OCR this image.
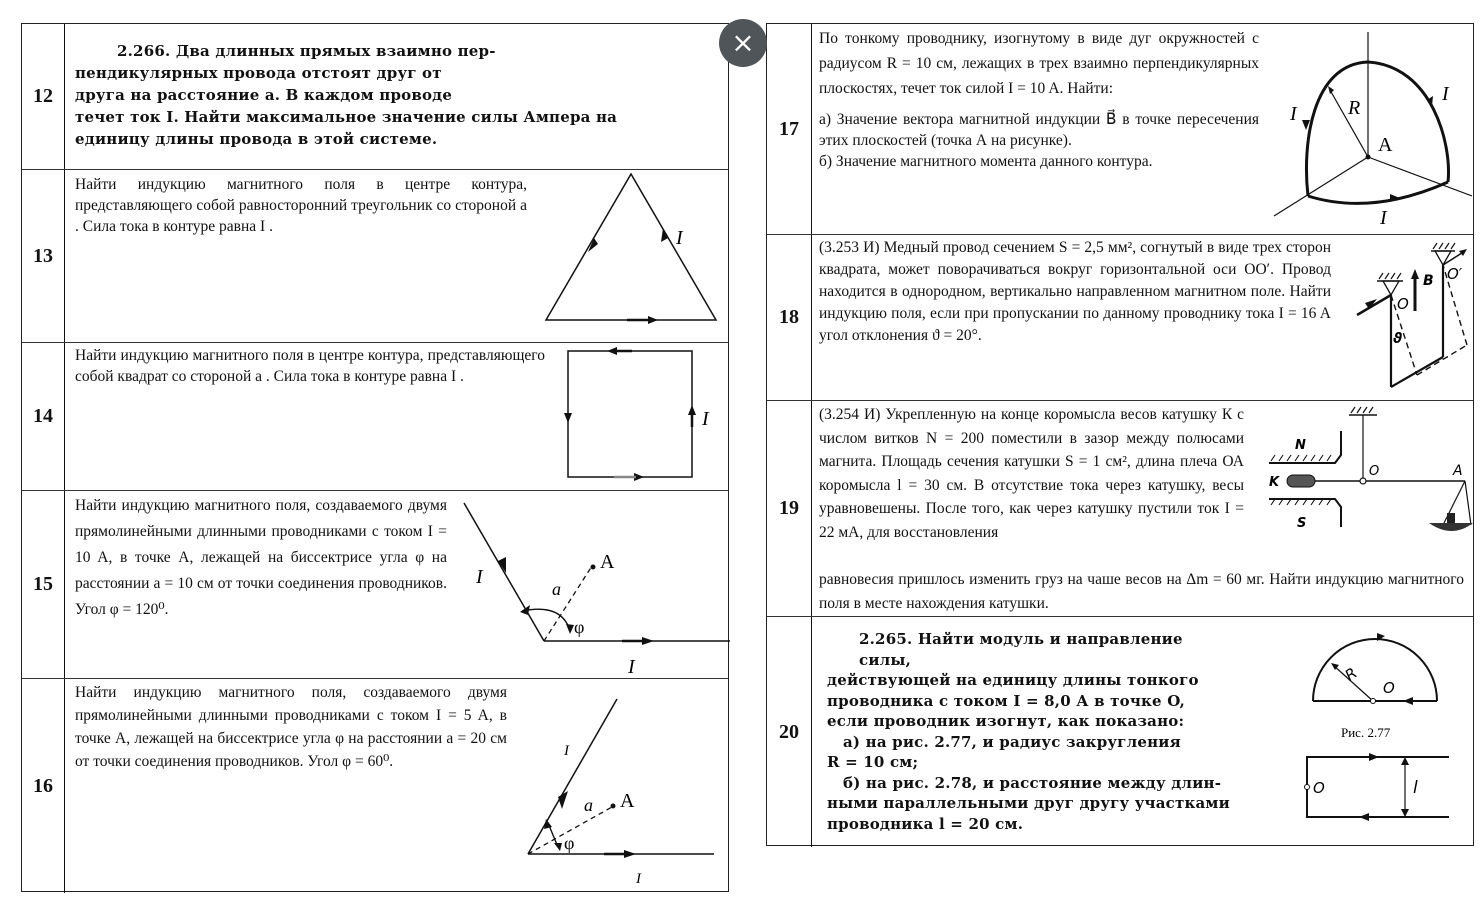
12

2.266. Два длинных прямых взаимно пер-

пендикулярных провода отстоят друг от

друга на расстояние a. В каждом проводе

течет ток I. Найти максимальное значение силы Ампера на

единицу длины провода в этой системе.

13
Найти индукцию магнитного поля в центре контура, представляющего собой равносторонний треугольник со стороной a . Сила тока в контуре равна I .
I
14
Найти индукцию магнитного поля в центре контура, представляющего собой квадрат со стороной a . Сила тока в контуре равна I .
I
15
Найти индукцию магнитного поля, создаваемого двумя прямолинейными длинными проводниками с током I = 10 A, в точке А, лежащей на биссектрисе угла φ на расстоянии a = 10 см от точки соединения проводников. Угол φ = 120⁰.
I
A
a
φ
I
16
Найти индукцию магнитного поля, создаваемого двумя прямолинейными длинными проводниками с током I = 5 A, в точке А, лежащей на биссектрисе угла φ на расстоянии a = 20 см от точки соединения проводников. Угол φ = 60⁰.
I
A
a
φ
I
17

По тонкому проводнику, изогнутому в виде дуг окружностей с радиусом R = 10 см, лежащих в трех взаимно перпендикулярных плоскостях, течет ток силой I = 10 A. Найти:

а) Значение вектора магнитной индукции B⃗ в точке пересечения этих плоскостей (точка А на рисунке).

б) Значение магнитного момента данного контура.

I	R
A
I
I
18
(3.253 И) Медный провод сечением S = 2,5 мм², согнутый в виде трех сторон квадрата, может поворачиваться вокруг горизонтальной оси OO′. Провод находится в однородном, вертикально направленном магнитном поле. Найти индукцию поля, если при пропускании по данному проводнику тока I = 16 A угол отклонения ϑ = 20°.
B
O
O′
ϑ
19
(3.254 И) Укрепленную на конце коромысла весов катушку К с числом витков N = 200 поместили в зазор между полюсами магнита. Площадь сечения катушки S = 1 см², длина плеча ОА коромысла l = 30 см. В отсутствие тока через катушку, весы уравновешены. После того, как через катушку пустили ток I = 22 мА, для восстановления
равновесия пришлось изменить груз на чаше весов на Δm = 60 мг. Найти индукцию магнитного поля в месте нахождения катушки.
N
K
O	A
S
20

2.265. Найти модуль и направление силы,

действующей на единицу длины тонкого

проводника с током I = 8,0 А в точке O,

если проводник изогнут, как показано:

а) на рис. 2.77, и радиус закругления

R = 10 см;

б) на рис. 2.78, и расстояние между длин-

ными параллельными друг другу участками

проводника l = 20 см.

R
O
Рис. 2.77
O	l
×
